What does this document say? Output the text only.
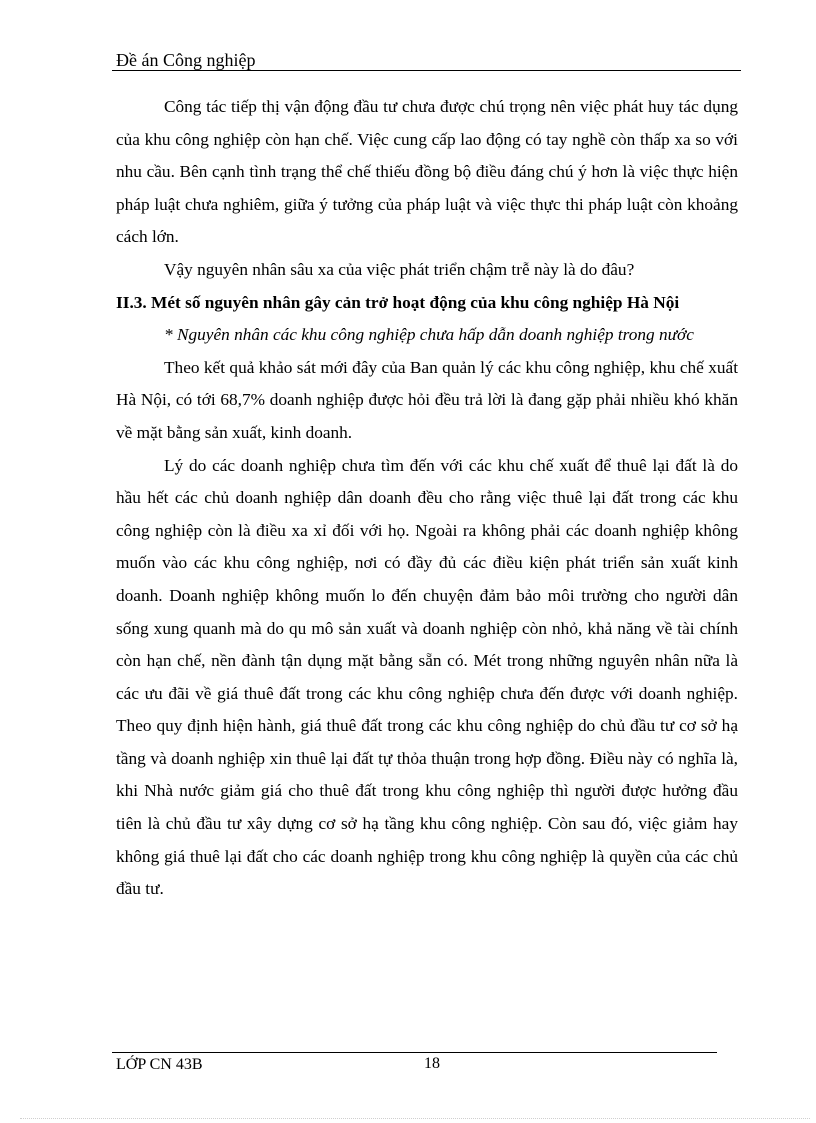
Đề án Công nghiệp

Công tác tiếp thị vận động đầu tư chưa được chú trọng nên việc phát huy tác dụng của khu công nghiệp còn hạn chế. Việc cung cấp lao động có tay nghề còn thấp xa so với nhu cầu. Bên cạnh tình trạng thể chế thiếu đồng bộ điều đáng chú ý hơn là việc thực hiện pháp luật chưa nghiêm, giữa ý tưởng của pháp luật và việc thực thi pháp luật còn khoảng cách lớn.

Vậy nguyên nhân sâu xa của việc phát triển chậm trễ này là do đâu?

II.3. Mét số nguyên nhân gây cản trở hoạt động của khu công nghiệp Hà Nội

* Nguyên nhân các khu công nghiệp chưa hấp dẫn doanh nghiệp trong nước

Theo kết quả khảo sát mới đây của Ban quản lý các khu công nghiệp, khu chế xuất Hà Nội, có tới 68,7% doanh nghiệp được hỏi đều trả lời là đang gặp phải nhiều khó khăn về mặt bằng sản xuất, kinh doanh.

Lý do các doanh nghiệp chưa tìm đến với các khu chế xuất để thuê lại đất là do hầu hết các chủ doanh nghiệp dân doanh đều cho rằng việc thuê lại đất trong các khu công nghiệp còn là điều xa xỉ đối với họ. Ngoài ra không phải các doanh nghiệp không muốn vào các khu công nghiệp, nơi có đầy đủ các điều kiện phát triển sản xuất kinh doanh. Doanh nghiệp không muốn lo đến chuyện đảm bảo môi trường cho người dân sống xung quanh mà do qu mô sản xuất và doanh nghiệp còn nhỏ, khả năng về tài chính còn hạn chế, nền đành tận dụng mặt bằng sẵn có. Mét trong những nguyên nhân nữa là các ưu đãi về giá thuê đất trong các khu công nghiệp chưa đến được với doanh nghiệp. Theo quy định hiện hành, giá thuê đất trong các khu công nghiệp do chủ đầu tư cơ sở hạ tầng và doanh nghiệp xin thuê lại đất tự thỏa thuận trong hợp đồng. Điều này có nghĩa là, khi Nhà nước giảm giá cho thuê đất trong khu công nghiệp thì người được hưởng đầu tiên là chủ đầu tư xây dựng cơ sở hạ tầng khu công nghiệp. Còn sau đó, việc giảm hay không giá thuê lại đất cho các doanh nghiệp trong khu công nghiệp là quyền của các chủ đầu tư.

LỚP CN 43B	18
